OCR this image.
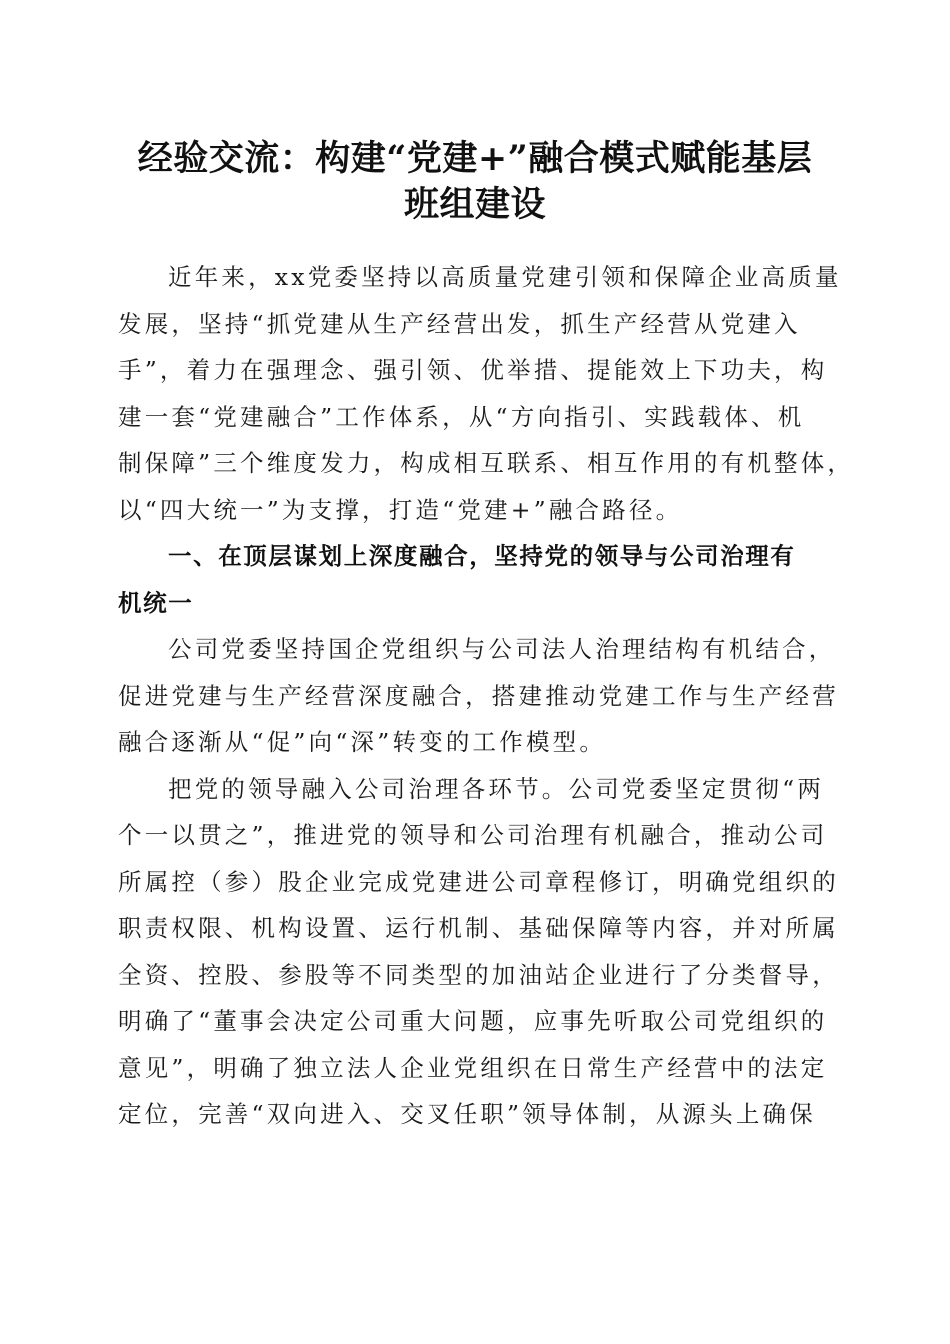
经验交流：构建“党建+”融合模式赋能基层
班组建设
近年来，xx党委坚持以高质量党建引领和保障企业高质量
发展，坚持“抓党建从生产经营出发，抓生产经营从党建入
手”，着力在强理念、强引领、优举措、提能效上下功夫，构
建一套“党建融合”工作体系，从“方向指引、实践载体、机
制保障”三个维度发力，构成相互联系、相互作用的有机整体，
以“四大统一”为支撑，打造“党建+”融合路径。
一、在顶层谋划上深度融合，坚持党的领导与公司治理有
机统一
公司党委坚持国企党组织与公司法人治理结构有机结合，
促进党建与生产经营深度融合，搭建推动党建工作与生产经营
融合逐渐从“促”向“深”转变的工作模型。
把党的领导融入公司治理各环节。公司党委坚定贯彻“两
个一以贯之”，推进党的领导和公司治理有机融合，推动公司
所属控（参）股企业完成党建进公司章程修订，明确党组织的
职责权限、机构设置、运行机制、基础保障等内容，并对所属
全资、控股、参股等不同类型的加油站企业进行了分类督导，
明确了“董事会决定公司重大问题，应事先听取公司党组织的
意见”，明确了独立法人企业党组织在日常生产经营中的法定
定位，完善“双向进入、交叉任职”领导体制，从源头上确保
